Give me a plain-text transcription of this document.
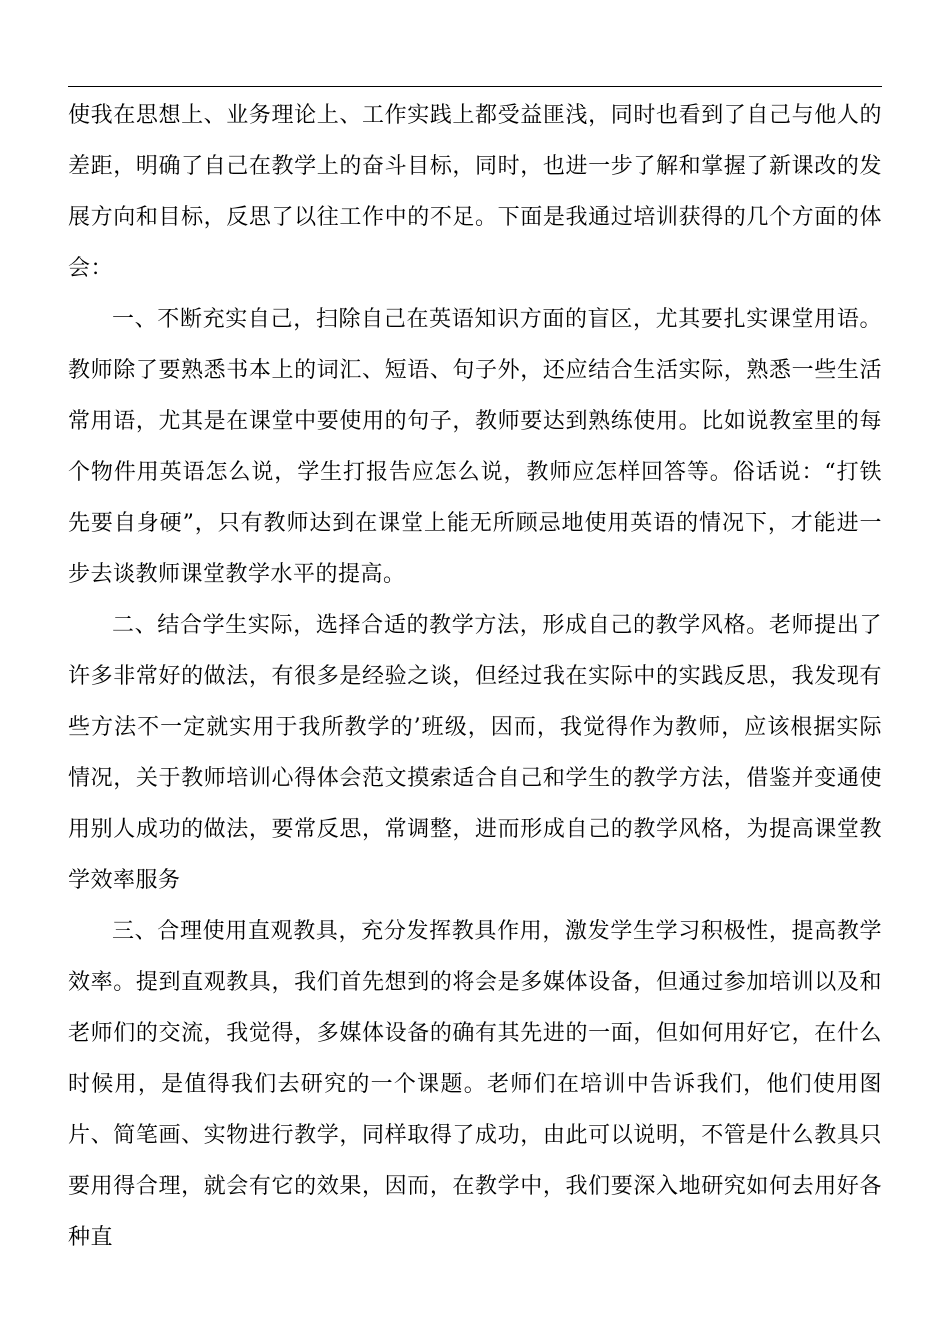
使我在思想上、业务理论上、工作实践上都受益匪浅，同时也看到了自己与他人的差距，明确了自己在教学上的奋斗目标，同时，也进一步了解和掌握了新课改的发展方向和目标，反思了以往工作中的不足。下面是我通过培训获得的几个方面的体会：

一、不断充实自己，扫除自己在英语知识方面的盲区，尤其要扎实课堂用语。教师除了要熟悉书本上的词汇、短语、句子外，还应结合生活实际，熟悉一些生活常用语，尤其是在课堂中要使用的句子，教师要达到熟练使用。比如说教室里的每个物件用英语怎么说，学生打报告应怎么说，教师应怎样回答等。俗话说：“打铁先要自身硬”，只有教师达到在课堂上能无所顾忌地使用英语的情况下，才能进一步去谈教师课堂教学水平的提高。

二、结合学生实际，选择合适的教学方法，形成自己的教学风格。老师提出了许多非常好的做法，有很多是经验之谈，但经过我在实际中的实践反思，我发现有些方法不一定就实用于我所教学的’班级，因而，我觉得作为教师，应该根据实际情况，关于教师培训心得体会范文摸索适合自己和学生的教学方法，借鉴并变通使用别人成功的做法，要常反思，常调整，进而形成自己的教学风格，为提高课堂教学效率服务

三、合理使用直观教具，充分发挥教具作用，激发学生学习积极性，提高教学效率。提到直观教具，我们首先想到的将会是多媒体设备，但通过参加培训以及和老师们的交流，我觉得，多媒体设备的确有其先进的一面，但如何用好它，在什么时候用，是值得我们去研究的一个课题。老师们在培训中告诉我们，他们使用图片、简笔画、实物进行教学，同样取得了成功，由此可以说明，不管是什么教具只要用得合理，就会有它的效果，因而，在教学中，我们要深入地研究如何去用好各种直
